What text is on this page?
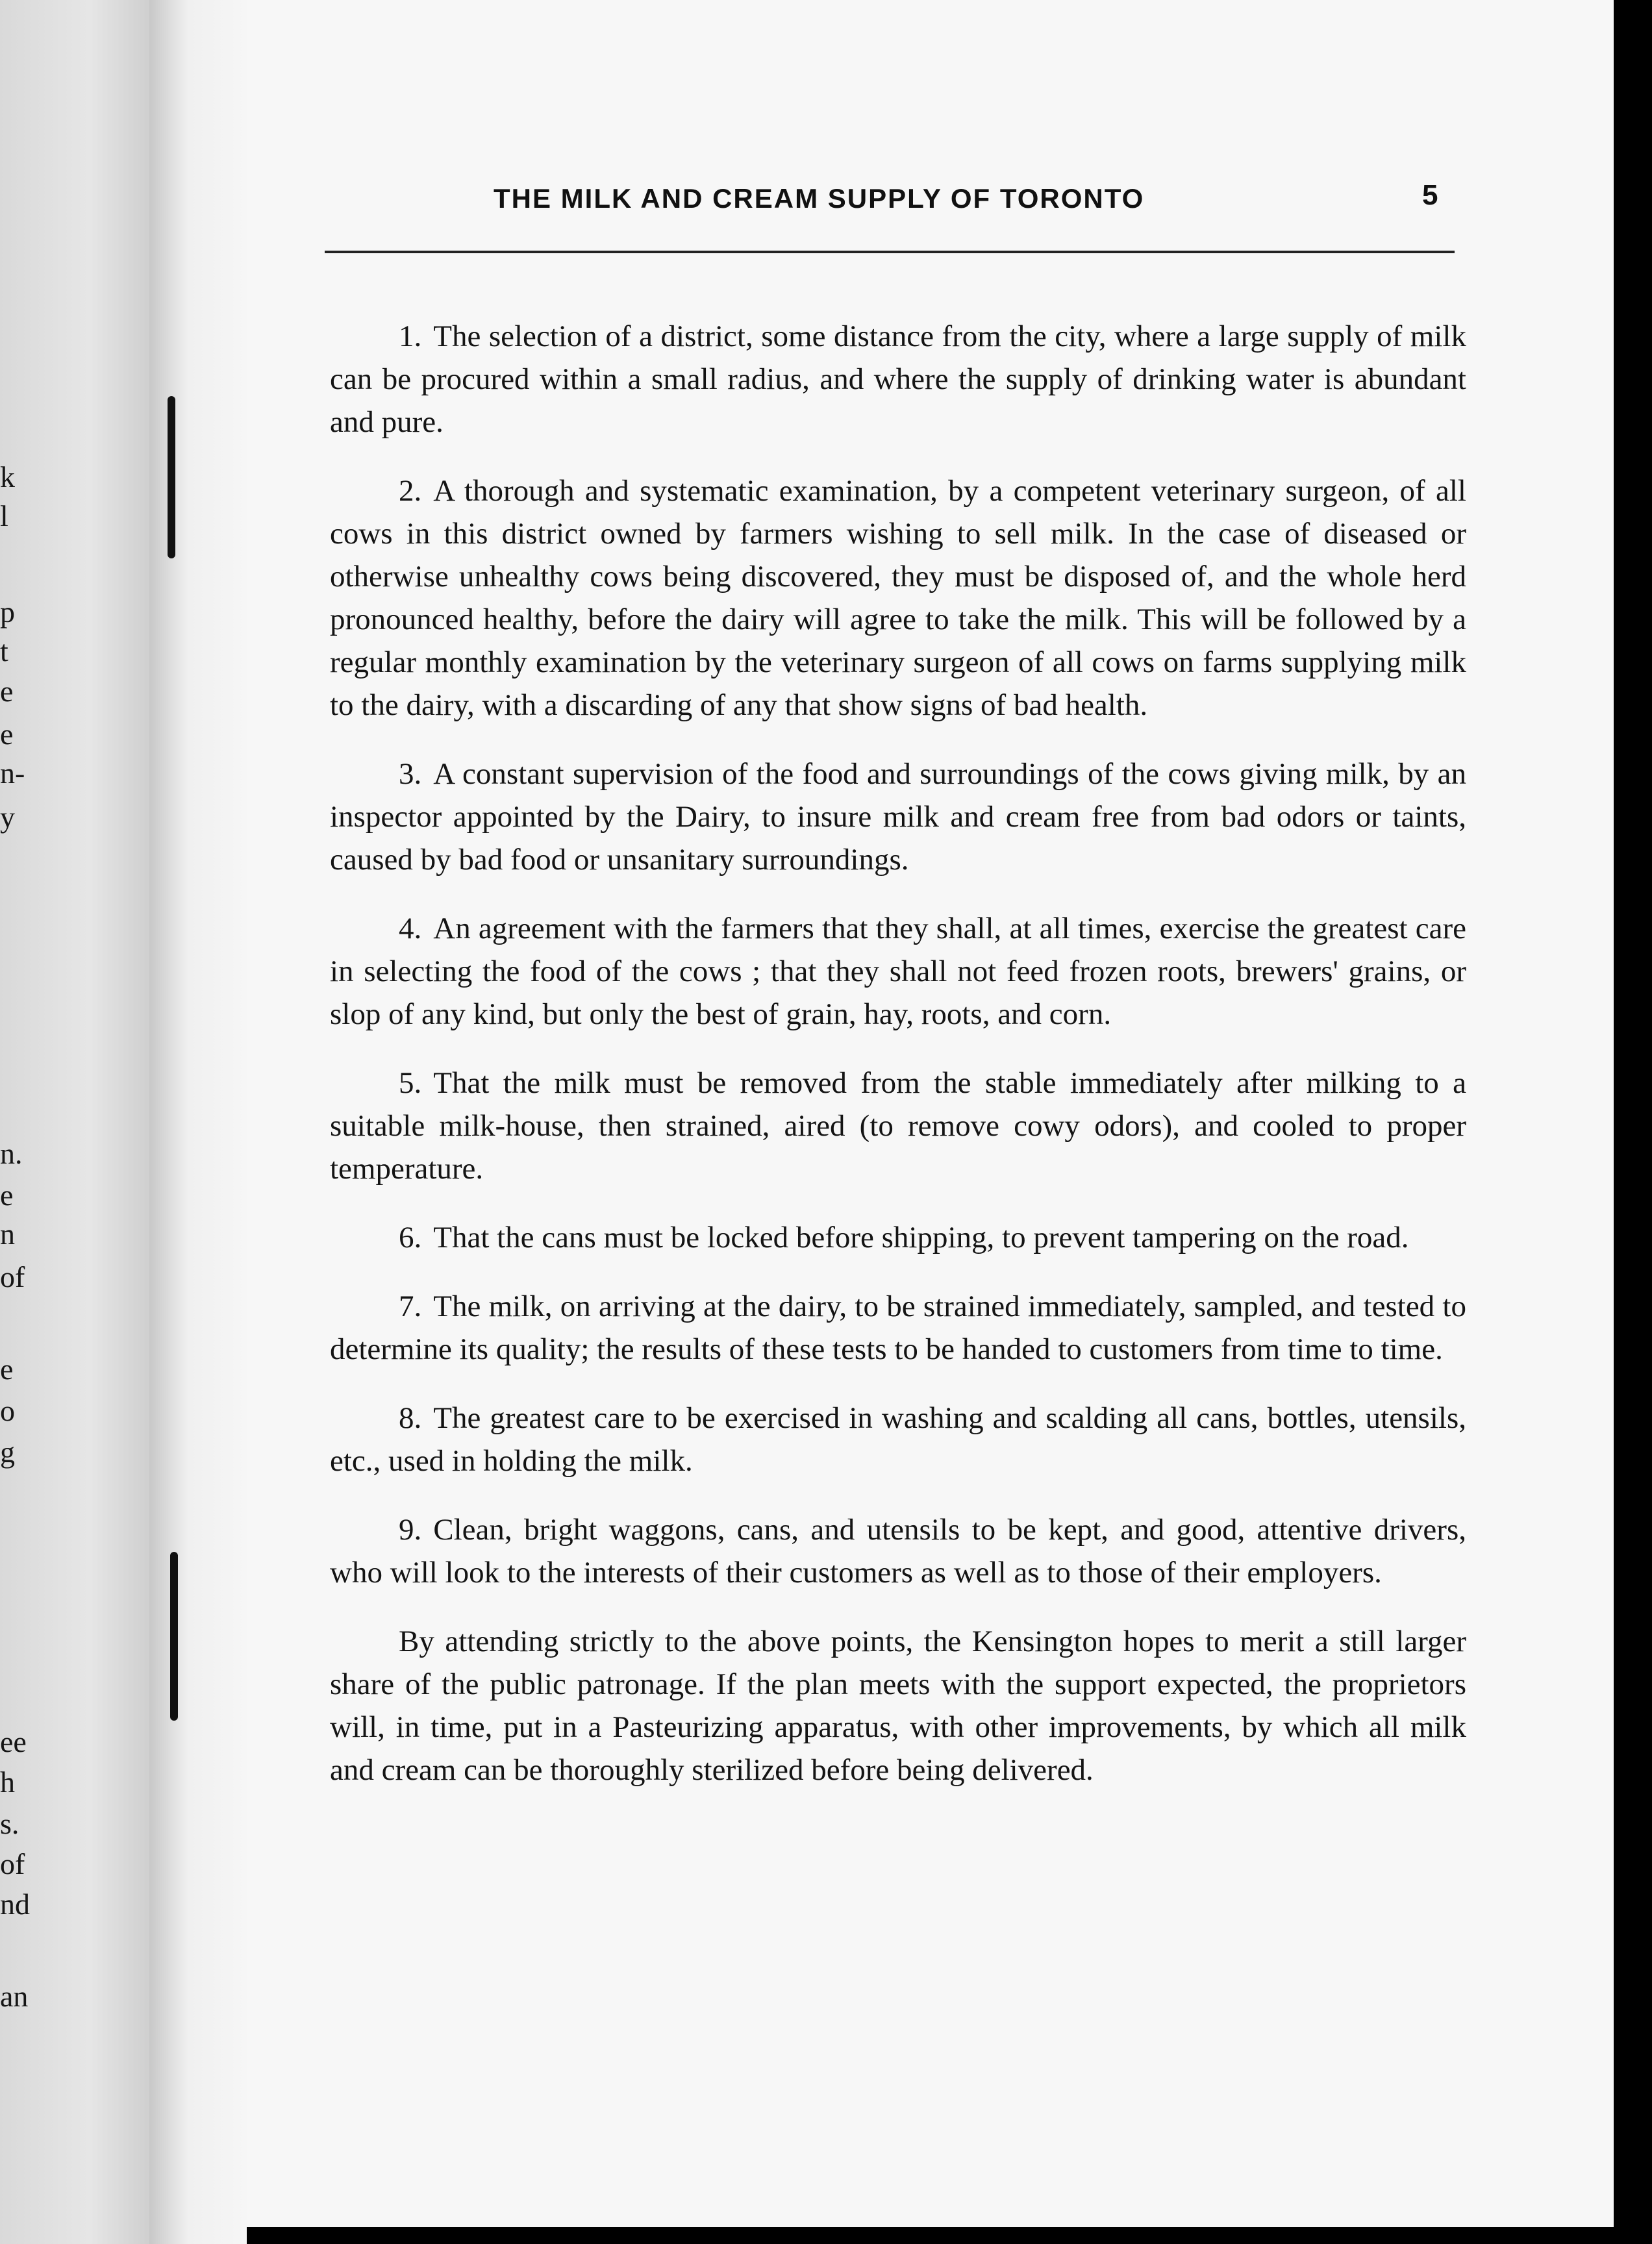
k
l
p
t
e
e
n-
y
n.
e
n
of
e
o
g
ee
h
s.
of
nd
an
THE MILK AND CREAM SUPPLY OF TORONTO	5

1. The selection of a district, some distance from the city, where a large supply of milk can be procured within a small radius, and where the supply of drinking water is abundant and pure.

2. A thorough and systematic examination, by a competent veterinary surgeon, of all cows in this district owned by farmers wishing to sell milk. In the case of diseased or otherwise unhealthy cows being discovered, they must be disposed of, and the whole herd pronounced healthy, before the dairy will agree to take the milk. This will be followed by a regular monthly examination by the veterinary surgeon of all cows on farms supplying milk to the dairy, with a discarding of any that show signs of bad health.

3. A constant supervision of the food and surroundings of the cows giving milk, by an inspector appointed by the Dairy, to insure milk and cream free from bad odors or taints, caused by bad food or unsanitary surroundings.

4. An agreement with the farmers that they shall, at all times, exercise the greatest care in selecting the food of the cows ; that they shall not feed frozen roots, brewers' grains, or slop of any kind, but only the best of grain, hay, roots, and corn.

5. That the milk must be removed from the stable immediately after milking to a suitable milk-house, then strained, aired (to remove cowy odors), and cooled to proper temperature.

6. That the cans must be locked before shipping, to prevent tampering on the road.

7. The milk, on arriving at the dairy, to be strained immediately, sampled, and tested to determine its quality; the results of these tests to be handed to customers from time to time.

8. The greatest care to be exercised in washing and scalding all cans, bottles, utensils, etc., used in holding the milk.

9. Clean, bright waggons, cans, and utensils to be kept, and good, attentive drivers, who will look to the interests of their customers as well as to those of their employers.

By attending strictly to the above points, the Kensington hopes to merit a still larger share of the public patronage. If the plan meets with the support expected, the proprietors will, in time, put in a Pasteurizing apparatus, with other improvements, by which all milk and cream can be thoroughly sterilized before being delivered.
